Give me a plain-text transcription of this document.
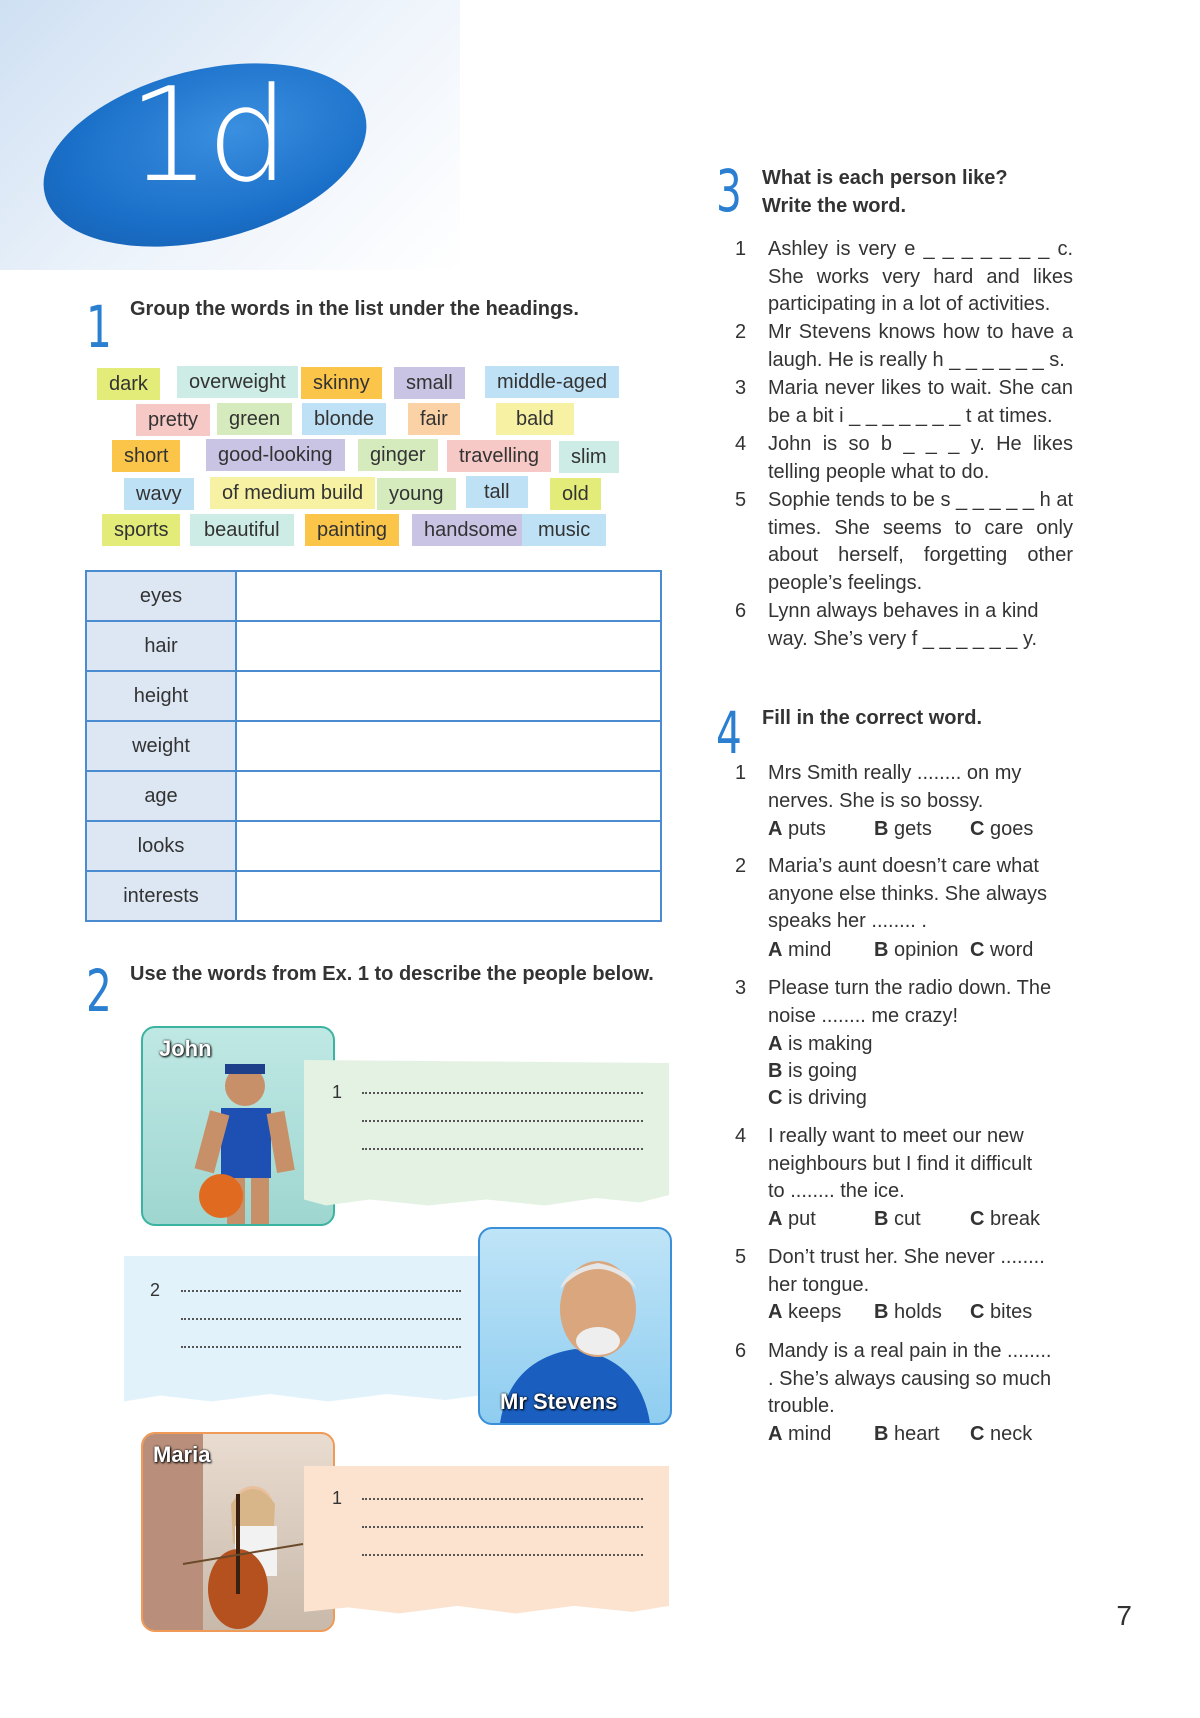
1d
1 Group the words in the list under the headings.
dark	overweight	skinny	small	middle-aged
pretty	green	blonde	fair	bald
short	good-looking	ginger	travelling	slim
wavy	of medium build	young	tall	old
sports	beautiful	painting	handsome	music
eyes	
hair	
height	
weight	
age	
looks	
interests	
2 Use the words from Ex. 1 to describe the people below.
John
1
2
Mr Stevens
Maria
1
3 What is each person like? Write the word.
1 Ashley is very e _ _ _ _ _ _ _ c. She works very hard and likes participating in a lot of activities.
2 Mr Stevens knows how to have a laugh. He is really h _ _ _ _ _ _ s.
3 Maria never likes to wait. She can be a bit i _ _ _ _ _ _ _ t at times.
4 John is so b _ _ _ y. He likes telling people what to do.
5 Sophie tends to be s _ _ _ _ _ h at times. She seems to care only about herself, forgetting other people’s feelings.
6 Lynn always behaves in a kind way. She’s very f _ _ _ _ _ _ y.
4 Fill in the correct word.
1 Mrs Smith really ........ on my nerves. She is so bossy.
A puts B gets C goes
2 Maria’s aunt doesn’t care what anyone else thinks. She always speaks her ........ .
A mind B opinion C word
3 Please turn the radio down. The noise ........ me crazy!
A is making
B is going
C is driving
4 I really want to meet our new neighbours but I find it difficult to ........ the ice.
A put	B cut C break
5 Don’t trust her. She never ........ her tongue.
A keeps B holds C bites
6 Mandy is a real pain in the ........ . She’s always causing so much trouble.
A mind B heart C neck
7
